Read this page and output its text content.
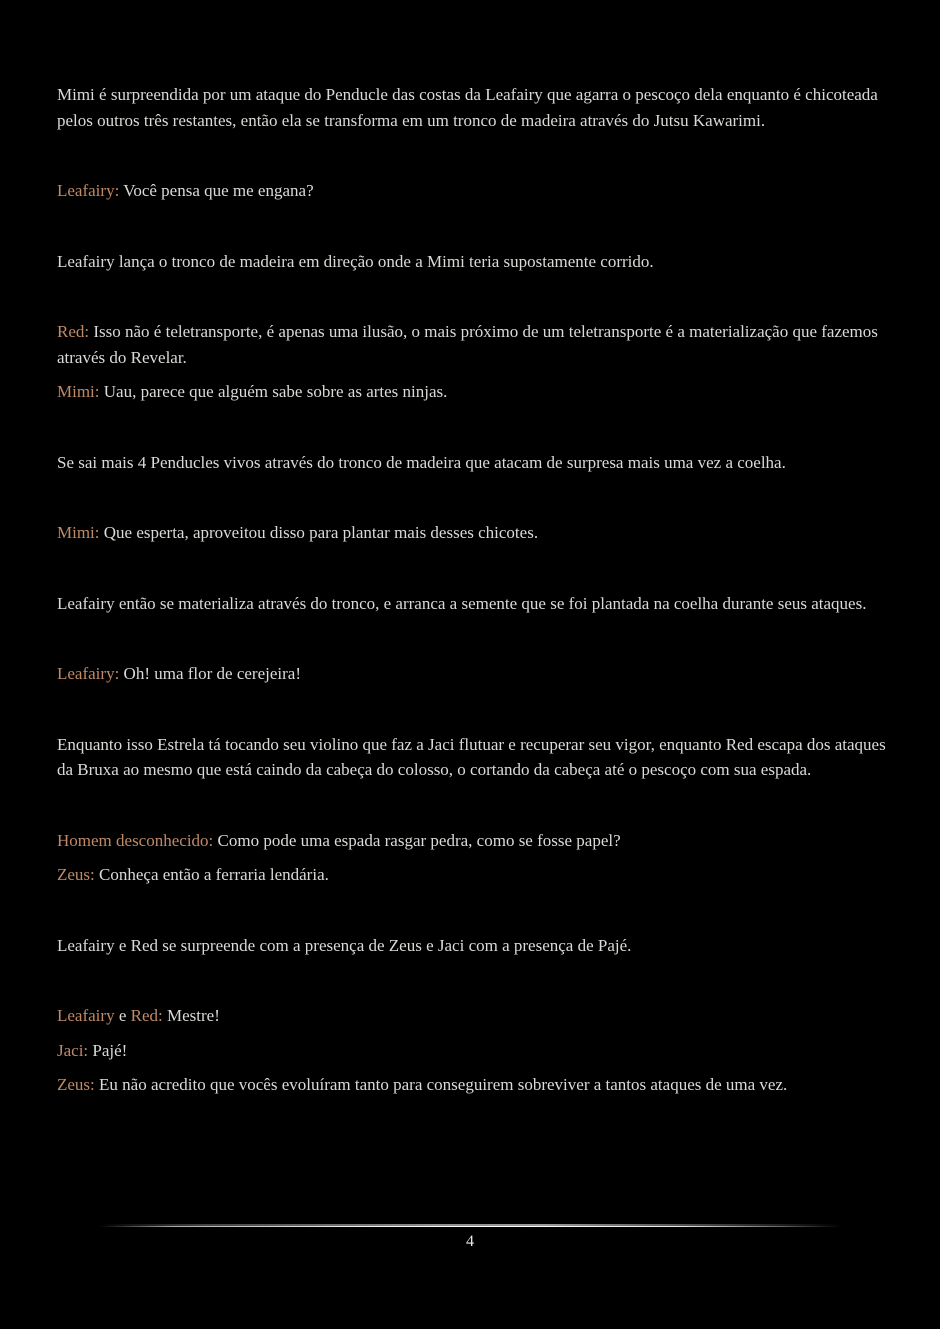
Mimi é surpreendida por um ataque do Penducle das costas da Leafairy que agarra o pescoço dela enquanto é chicoteada pelos outros três restantes, então ela se transforma em um tronco de madeira através do Jutsu Kawarimi.

Leafairy: Você pensa que me engana?

Leafairy lança o tronco de madeira em direção onde a Mimi teria supostamente corrido.

Red: Isso não é teletransporte, é apenas uma ilusão, o mais próximo de um teletransporte é a materialização que fazemos através do Revelar.

Mimi: Uau, parece que alguém sabe sobre as artes ninjas.

Se sai mais 4 Penducles vivos através do tronco de madeira que atacam de surpresa mais uma vez a coelha.

Mimi: Que esperta, aproveitou disso para plantar mais desses chicotes.

Leafairy então se materializa através do tronco, e arranca a semente que se foi plantada na coelha durante seus ataques.

Leafairy: Oh! uma flor de cerejeira!

Enquanto isso Estrela tá tocando seu violino que faz a Jaci flutuar e recuperar seu vigor, enquanto Red escapa dos ataques da Bruxa ao mesmo que está caindo da cabeça do colosso, o cortando da cabeça até o pescoço com sua espada.

Homem desconhecido: Como pode uma espada rasgar pedra, como se fosse papel?

Zeus: Conheça então a ferraria lendária.

Leafairy e Red se surpreende com a presença de Zeus e Jaci com a presença de Pajé.

Leafairy e Red: Mestre!

Jaci: Pajé!

Zeus: Eu não acredito que vocês evoluíram tanto para conseguirem sobreviver a tantos ataques de uma vez.

4
